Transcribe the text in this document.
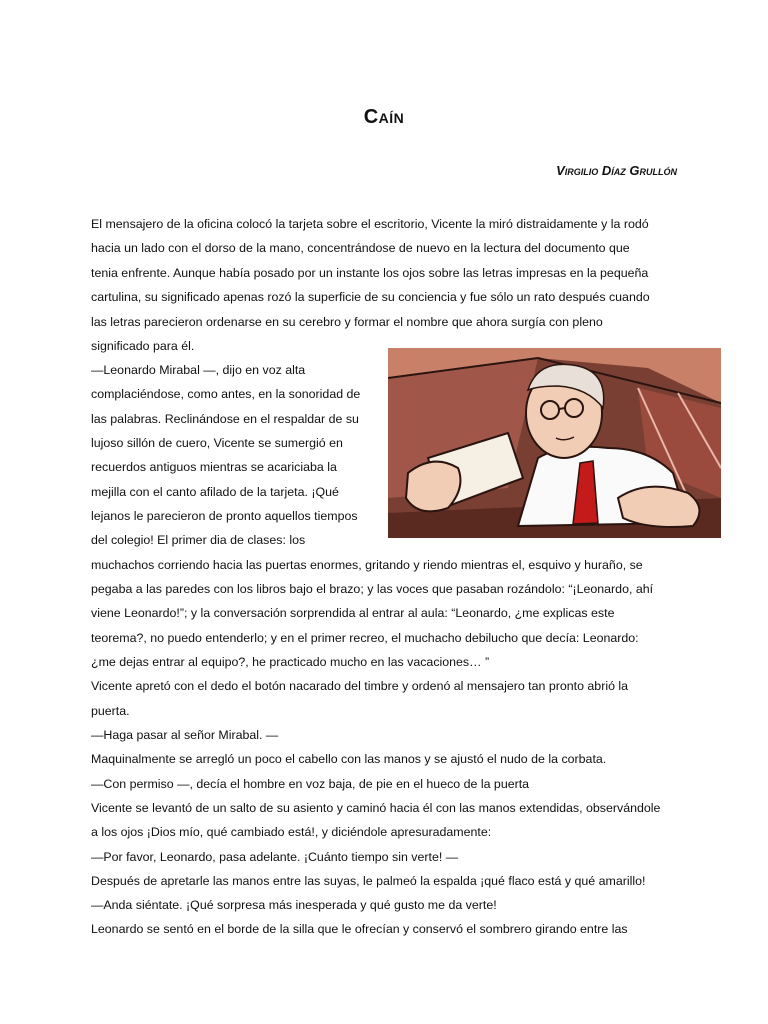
Caín
Virgilio Díaz Grullón
El mensajero de la oficina colocó la tarjeta sobre el escritorio, Vicente la miró distraidamente y la rodó
hacia un lado con el dorso de la mano, concentrándose de nuevo en la lectura del documento que
tenia enfrente. Aunque había posado por un instante los ojos sobre las letras impresas en la pequeña
cartulina, su significado apenas rozó la superficie de su conciencia y fue sólo un rato después cuando
las letras parecieron ordenarse en su cerebro y formar el nombre que ahora surgía con pleno
significado para él.
—Leonardo Mirabal —, dijo en voz alta
complaciéndose, como antes, en la sonoridad de
las palabras. Reclinándose en el respaldar de su
lujoso sillón de cuero, Vicente se sumergió en
recuerdos antiguos mientras se acariciaba la
mejilla con el canto afilado de la tarjeta. ¡Qué
lejanos le parecieron de pronto aquellos tiempos
del colegio! El primer dia de clases: los
muchachos corriendo hacia las puertas enormes, gritando y riendo mientras el, esquivo y huraño, se
pegaba a las paredes con los libros bajo el brazo; y las voces que pasaban rozándolo: “¡Leonardo, ahí
viene Leonardo!”; y la conversación sorprendida al entrar al aula: “Leonardo, ¿me explicas este
teorema?, no puedo entenderlo; y en el primer recreo, el muchacho debilucho que decía: Leonardo:
¿me dejas entrar al equipo?, he practicado mucho en las vacaciones… ”
Vicente apretó con el dedo el botón nacarado del timbre y ordenó al mensajero tan pronto abrió la
puerta.
—Haga pasar al señor Mirabal. —
Maquinalmente se arregló un poco el cabello con las manos y se ajustó el nudo de la corbata.
—Con permiso —, decía el hombre en voz baja, de pie en el hueco de la puerta
Vicente se levantó de un salto de su asiento y caminó hacia él con las manos extendidas, observándole
a los ojos ¡Dios mío, qué cambiado está!, y diciéndole apresuradamente:
—Por favor, Leonardo, pasa adelante. ¡Cuánto tiempo sin verte! —
Después de apretarle las manos entre las suyas, le palmeó la espalda ¡qué flaco está y qué amarillo!
—Anda siéntate. ¡Qué sorpresa más inesperada y qué gusto me da verte!
Leonardo se sentó en el borde de la silla que le ofrecían y conservó el sombrero girando entre las
